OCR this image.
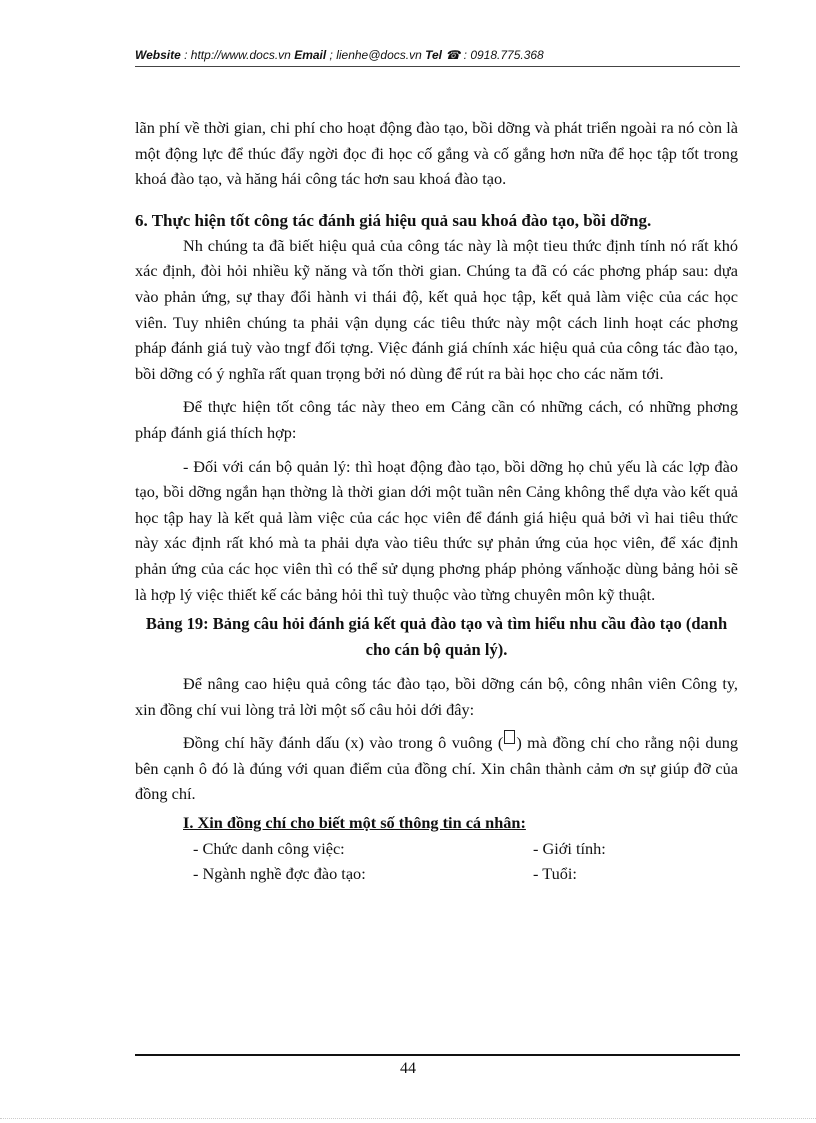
Website : http://www.docs.vn Email ; lienhe@docs.vn Tel ☎ : 0918.775.368

lãn phí về thời gian, chi phí cho hoạt động đào tạo, bồi dỡng và phát triển ngoài ra nó còn là một động lực để thúc đẩy ngời đọc đi học cố gắng và cố gắng hơn nữa để học tập tốt trong khoá đào tạo, và hăng hái công tác hơn sau khoá đào tạo.

6. Thực hiện tốt công tác đánh giá hiệu quả sau khoá đào tạo, bồi dỡng.

Nh chúng ta đã biết hiệu quả của công tác này là một tieu thức định tính nó rất khó xác định, đòi hỏi nhiều kỹ năng và tốn thời gian. Chúng ta đã có các phơng pháp sau: dựa vào phản ứng, sự thay đổi hành vi thái độ, kết quả học tập, kết quả làm việc của các học viên. Tuy nhiên chúng ta phải vận dụng các tiêu thức này một cách linh hoạt các phơng pháp đánh giá tuỳ vào tngf đối tợng. Việc đánh giá chính xác hiệu quả của công tác đào tạo, bồi dỡng có ý nghĩa rất quan trọng bởi nó dùng để rút ra bài học cho các năm tới.

Để thực hiện tốt công tác này theo em Cảng cần có những cách, có những phơng pháp đánh giá thích hợp:

- Đối với cán bộ quản lý: thì hoạt động đào tạo, bồi dỡng họ chủ yếu là các lợp đào tạo, bồi dỡng ngắn hạn thờng là thời gian dới một tuần nên Cảng không thể dựa vào kết quả học tập hay là kết quả làm việc của các học viên để đánh giá hiệu quả bởi vì hai tiêu thức này xác định rất khó mà ta phải dựa vào tiêu thức sự phản ứng của học viên, để xác định phản ứng của các học viên thì có thể sử dụng phơng pháp phỏng vấnhoặc dùng bảng hỏi sẽ là hợp lý việc thiết kế các bảng hỏi thì tuỳ thuộc vào từng chuyên môn kỹ thuật.

Bảng 19: Bảng câu hỏi đánh giá kết quả đào tạo và tìm hiểu nhu cầu đào tạo (danh cho cán bộ quản lý).

Để nâng cao hiệu quả công tác đào tạo, bồi dỡng cán bộ, công nhân viên Công ty, xin đồng chí vui lòng trả lời một số câu hỏi dới đây:

Đồng chí hãy đánh dấu (x) vào trong ô vuông ( ) mà đồng chí cho rằng nội dung bên cạnh ô đó là đúng với quan điểm của đồng chí. Xin chân thành cảm ơn sự giúp đỡ của đồng chí.

I. Xin đồng chí cho biết một số thông tin cá nhân:

- Chức danh công việc:	- Giới tính:
- Ngành nghề đợc đào tạo:	- Tuổi:
44
